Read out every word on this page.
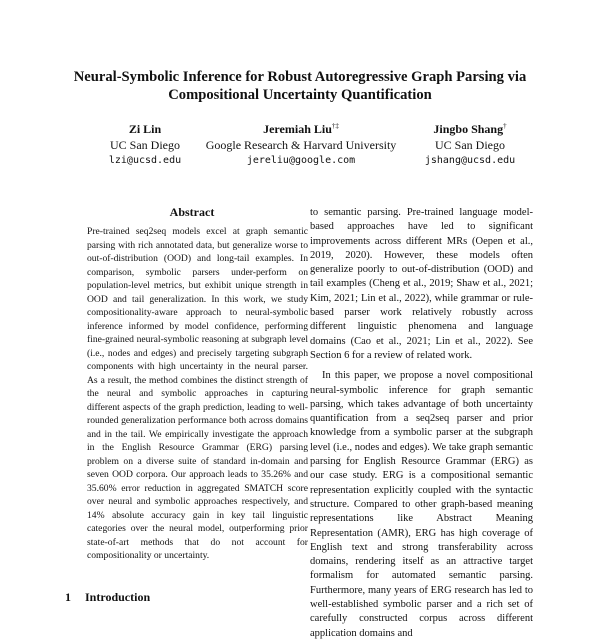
Neural-Symbolic Inference for Robust Autoregressive Graph Parsing via Compositional Uncertainty Quantification
Zi Lin
UC San Diego
lzi@ucsd.edu
Jeremiah Liu†‡
Google Research & Harvard University
jereliu@google.com
Jingbo Shang†
UC San Diego
jshang@ucsd.edu
Abstract

Pre-trained seq2seq models excel at graph semantic parsing with rich annotated data, but generalize worse to out-of-distribution (OOD) and long-tail examples. In comparison, symbolic parsers under-perform on population-level metrics, but exhibit unique strength in OOD and tail generalization. In this work, we study compositionality-aware approach to neural-symbolic inference informed by model confidence, performing fine-grained neural-symbolic reasoning at subgraph level (i.e., nodes and edges) and precisely targeting subgraph components with high uncertainty in the neural parser. As a result, the method combines the distinct strength of the neural and symbolic approaches in capturing different aspects of the graph prediction, leading to well-rounded generalization performance both across domains and in the tail. We empirically investigate the approach in the English Resource Grammar (ERG) parsing problem on a diverse suite of standard in-domain and seven OOD corpora. Our approach leads to 35.26% and 35.60% error reduction in aggregated SMATCH score over neural and symbolic approaches respectively, and 14% absolute accuracy gain in key tail linguistic categories over the neural model, outperforming prior state-of-art methods that do not account for compositionality or uncertainty.

1 Introduction

to semantic parsing. Pre-trained language model-based approaches have led to significant improvements across different MRs (Oepen et al., 2019, 2020). However, these models often generalize poorly to out-of-distribution (OOD) and tail examples (Cheng et al., 2019; Shaw et al., 2021; Kim, 2021; Lin et al., 2022), while grammar or rule-based parser work relatively robustly across different linguistic phenomena and language domains (Cao et al., 2021; Lin et al., 2022). See Section 6 for a review of related work.

In this paper, we propose a novel compositional neural-symbolic inference for graph semantic parsing, which takes advantage of both uncertainty quantification from a seq2seq parser and prior knowledge from a symbolic parser at the subgraph level (i.e., nodes and edges). We take graph semantic parsing for English Resource Grammar (ERG) as our case study. ERG is a compositional semantic representation explicitly coupled with the syntactic structure. Compared to other graph-based meaning representations like Abstract Meaning Representation (AMR), ERG has high coverage of English text and strong transferability across domains, rendering itself as an attractive target formalism for automated semantic parsing. Furthermore, many years of ERG research has led to well-established symbolic parser and a rich set of carefully constructed corpus across different application domains and
